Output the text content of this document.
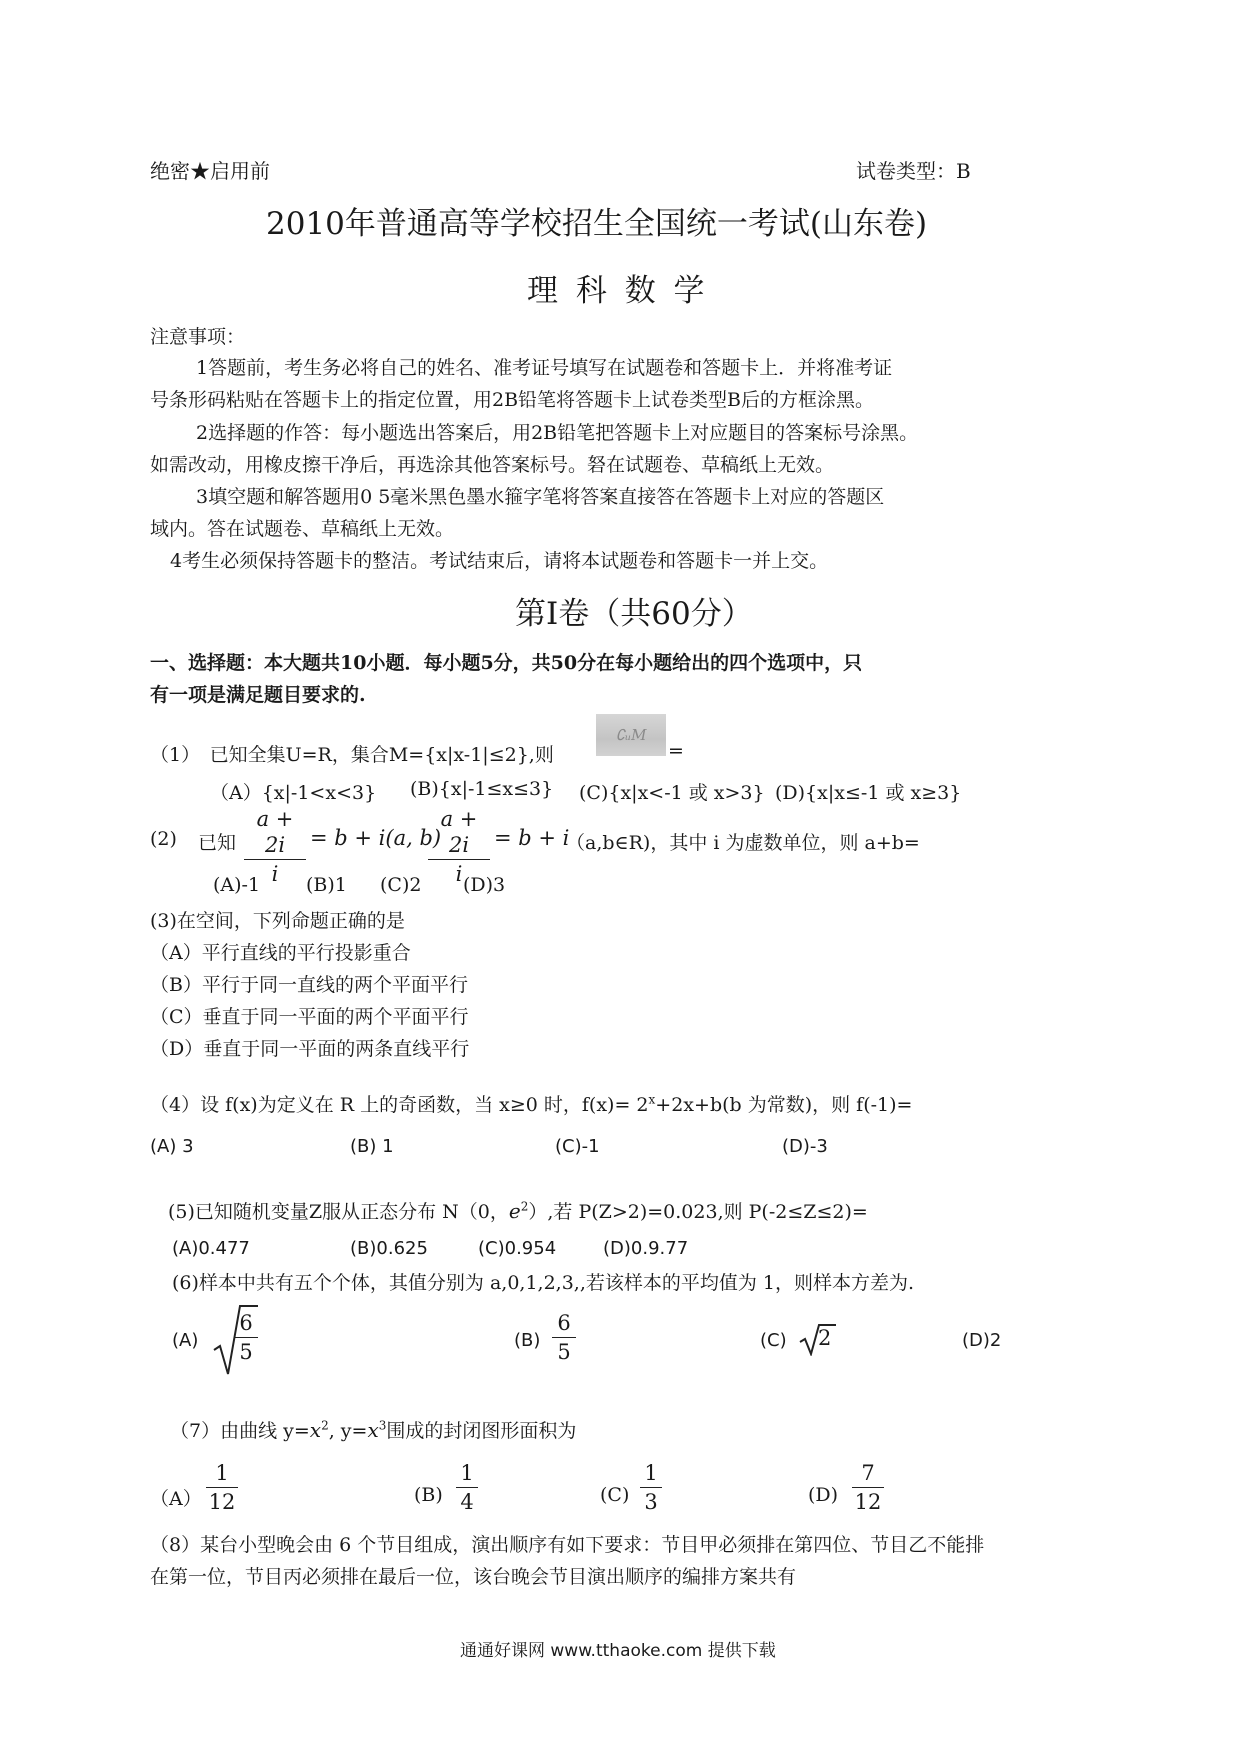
绝密★启用前	试卷类型：B
2010年普通高等学校招生全国统一考试(山东卷)
理 科 数 学
注意事项：
1答题前，考生务必将自己的姓名、准考证号填写在试题卷和答题卡上．并将准考证
号条形码粘贴在答题卡上的指定位置，用2B铅笔将答题卡上试卷类型B后的方框涂黑。
2选择题的作答：每小题选出答案后，用2B铅笔把答题卡上对应题目的答案标号涂黑。
如需改动，用橡皮擦干净后，再选涂其他答案标号。砮在试题卷、草稿纸上无效。
3填空题和解答题用0 5毫米黑色墨水箍字笔将答案直接答在答题卡上对应的答题区
域内。答在试题卷、草稿纸上无效。
4考生必须保持答题卡的整洁。考试结束后，请将本试题卷和答题卡一并上交。
第Ⅰ卷（共60分）
一、选择题：本大题共10小题．每小题5分，共50分在每小题给出的四个选项中，只
有一项是满足题目要求的.
（1）　已知全集U=R，集合M={x|x-1|≤2},则
∁ᵤM
=
（A）{x|-1<x<3} (B){x|-1≤x≤3} (C){x|x<-1 或 x>3} (D){x|x≤-1 或 x≥3}
(2) 已知
a + 2i
i
= b + i(a, b)
a + 2i
i
= b + i
（a,b∈R)，其中 i 为虚数单位，则 a+b=
(A)-1 (B)1 (C)2 (D)3
(3)在空间，下列命题正确的是
（A）平行直线的平行投影重合
（B）平行于同一直线的两个平面平行
（C）垂直于同一平面的两个平面平行
（D）垂直于同一平面的两条直线平行
（4）设 f(x)为定义在 R 上的奇函数，当 x≥0 时，$f(x)= 2^x+2x+b(b$ 为常数)，则 f(-1)=
(A) 3	(B) 1	(C)-1	(D)-3
(5)已知随机变量Z服从正态分布 N（0，$e^2$）,若 P(Z>2)=0.023,则 P(-2≤Z≤2)=
(A)0.477	(B)0.625	(C)0.954	(D)0.9.77
(6)样本中共有五个个体，其值分别为 a,0,1,2,3,,若该样本的平均值为 1，则样本方差为.
(A)
6
5	(B)
6
5	(C) 2	(D)2
（7）由曲线 $y=x^2$, $y=x^3$围成的封闭图形面积为
（A）
1
12	(B)
1
4	(C)
1
3	(D)
7
12
（8）某台小型晚会由 6 个节目组成，演出顺序有如下要求：节目甲必须排在第四位、节目乙不能排
在第一位，节目丙必须排在最后一位，该台晚会节目演出顺序的编排方案共有
通通好课网 www.tthaoke.com 提供下载
